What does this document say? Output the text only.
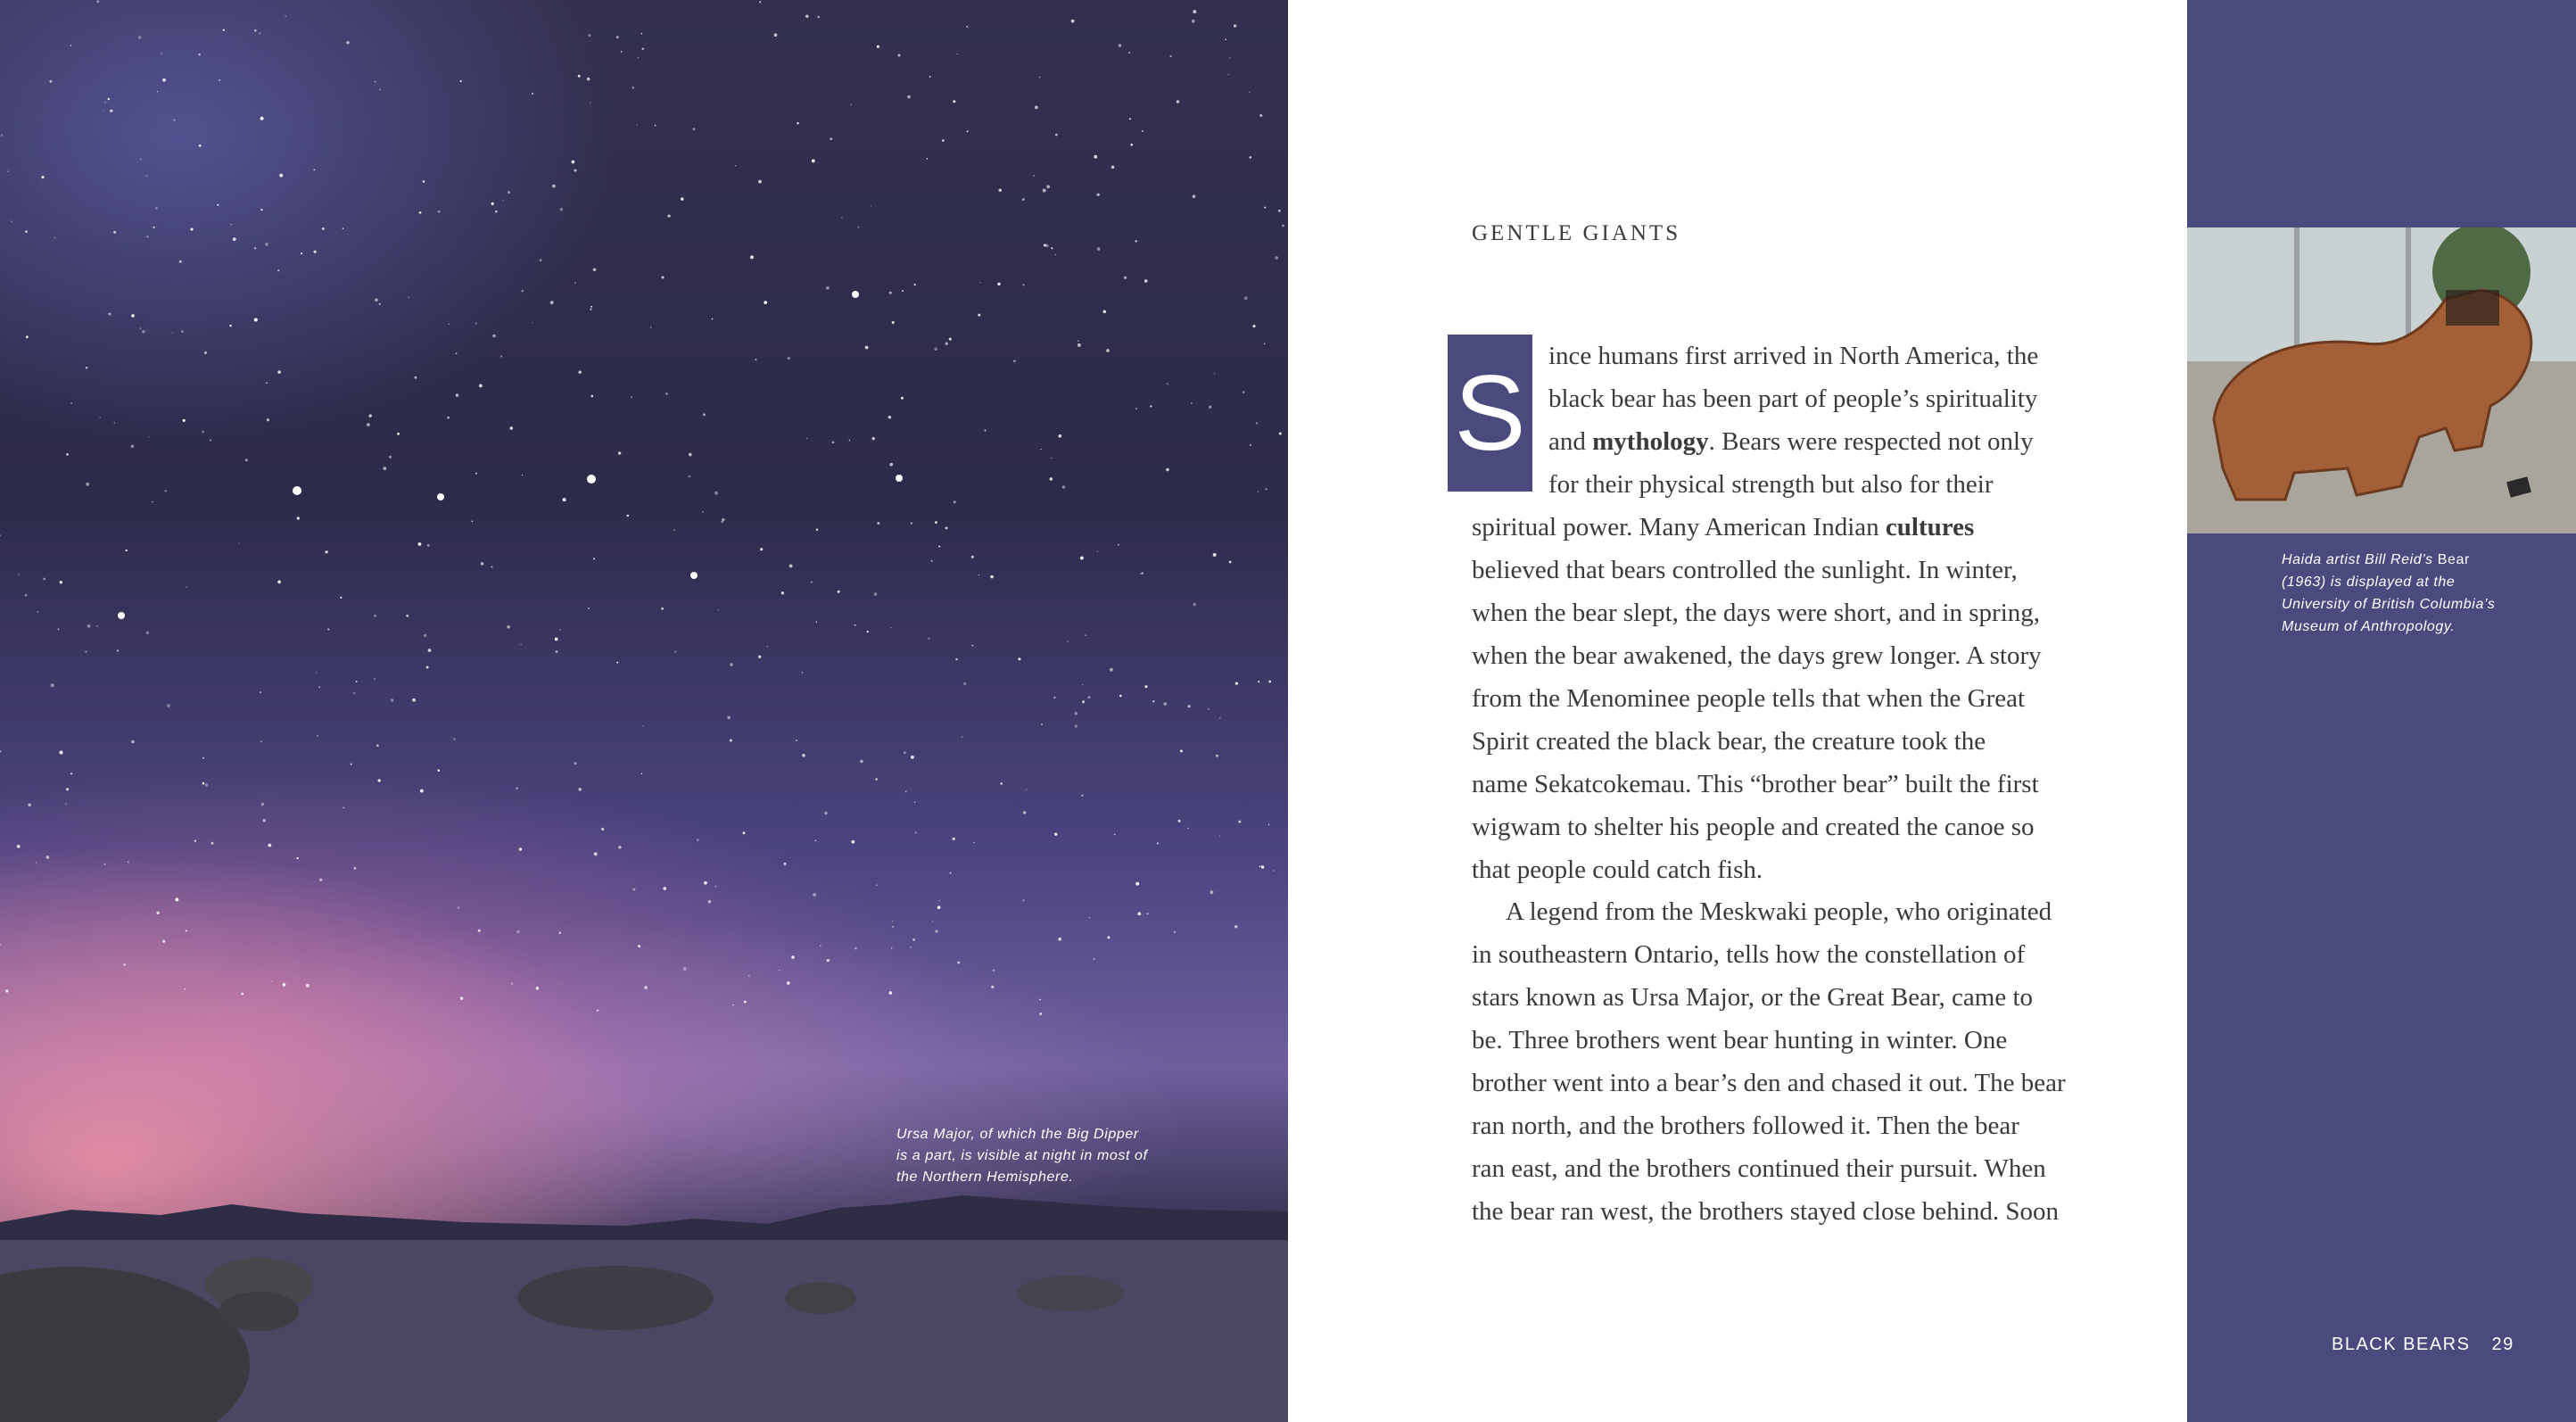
Ursa Major, of which the Big Dipper
is a part, is visible at night in most of
the Northern Hemisphere.
GENTLE GIANTS
S ince humans first arrived in North America, the
black bear has been part of people’s spirituality
and mythology. Bears were respected not only
for their physical strength but also for their
spiritual power. Many American Indian cultures
believed that bears controlled the sunlight. In winter,
when the bear slept, the days were short, and in spring,
when the bear awakened, the days grew longer. A story
from the Menominee people tells that when the Great
Spirit created the black bear, the creature took the
name Sekatcokemau. This “brother bear” built the first
wigwam to shelter his people and created the canoe so
that people could catch fish.
A legend from the Meskwaki people, who originated
in southeastern Ontario, tells how the constellation of
stars known as Ursa Major, or the Great Bear, came to
be. Three brothers went bear hunting in winter. One
brother went into a bear’s den and chased it out. The bear
ran north, and the brothers followed it. Then the bear
ran east, and the brothers continued their pursuit. When
the bear ran west, the brothers stayed close behind. Soon
Haida artist Bill Reid’s Bear
(1963) is displayed at the
University of British Columbia’s
Museum of Anthropology.
BLACK BEARS 29
